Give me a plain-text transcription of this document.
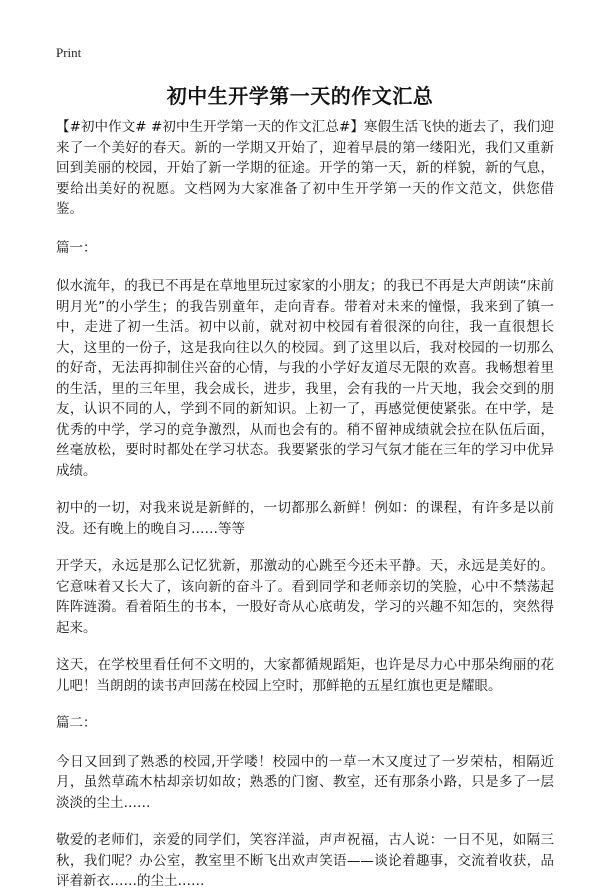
Print
初中生开学第一天的作文汇总

【#初中作文# #初中生开学第一天的作文汇总#】寒假生活飞快的逝去了，我们迎来了一个美好的春天。新的一学期又开始了，迎着早晨的第一缕阳光，我们又重新回到美丽的校园，开始了新一学期的征途。开学的第一天，新的样貌，新的气息，要给出美好的祝愿。文档网为大家准备了初中生开学第一天的作文范文，供您借鉴。

篇一：

似水流年，的我已不再是在草地里玩过家家的小朋友；的我已不再是大声朗读“床前明月光”的小学生；的我告别童年，走向青春。带着对未来的憧憬，我来到了镇一中，走进了初一生活。初中以前，就对初中校园有着很深的向往，我一直很想长大，这里的一份子，这是我向往以久的校园。到了这里以后，我对校园的一切那么的好奇，无法再抑制住兴奋的心情，与我的小学好友道尽无限的欢喜。我畅想着里的生活，里的三年里，我会成长，进步，我里，会有我的一片天地，我会交到的朋友，认识不同的人，学到不同的新知识。上初一了，再感觉便使紧张。在中学，是优秀的中学，学习的竞争激烈，从而也会有的。稍不留神成绩就会拉在队伍后面，丝毫放松，要时时都处在学习状态。我要紧张的学习气氛才能在三年的学习中优异成绩。

初中的一切，对我来说是新鲜的，一切都那么新鲜！例如：的课程，有许多是以前没。还有晚上的晚自习……等等

开学天，永远是那么记忆犹新，那激动的心跳至今还未平静。天，永远是美好的。它意味着又长大了，该向新的奋斗了。看到同学和老师亲切的笑脸，心中不禁荡起阵阵涟漪。看着陌生的书本，一股好奇从心底萌发，学习的兴趣不知怎的，突然得起来。

这天，在学校里看任何不文明的，大家都循规蹈矩，也许是尽力心中那朵绚丽的花儿吧！当朗朗的读书声回荡在校园上空时，那鲜艳的五星红旗也更是耀眼。

篇二：

今日又回到了熟悉的校园,开学喽！校园中的一草一木又度过了一岁荣枯，相隔近月，虽然草疏木枯却亲切如故；熟悉的门窗、教室，还有那条小路，只是多了一层淡淡的尘土……

敬爱的老师们，亲爱的同学们，笑容洋溢，声声祝福，古人说：一日不见，如隔三秋，我们呢？办公室，教室里不断飞出欢声笑语——谈论着趣事，交流着收获，品评着新衣……的尘土……
